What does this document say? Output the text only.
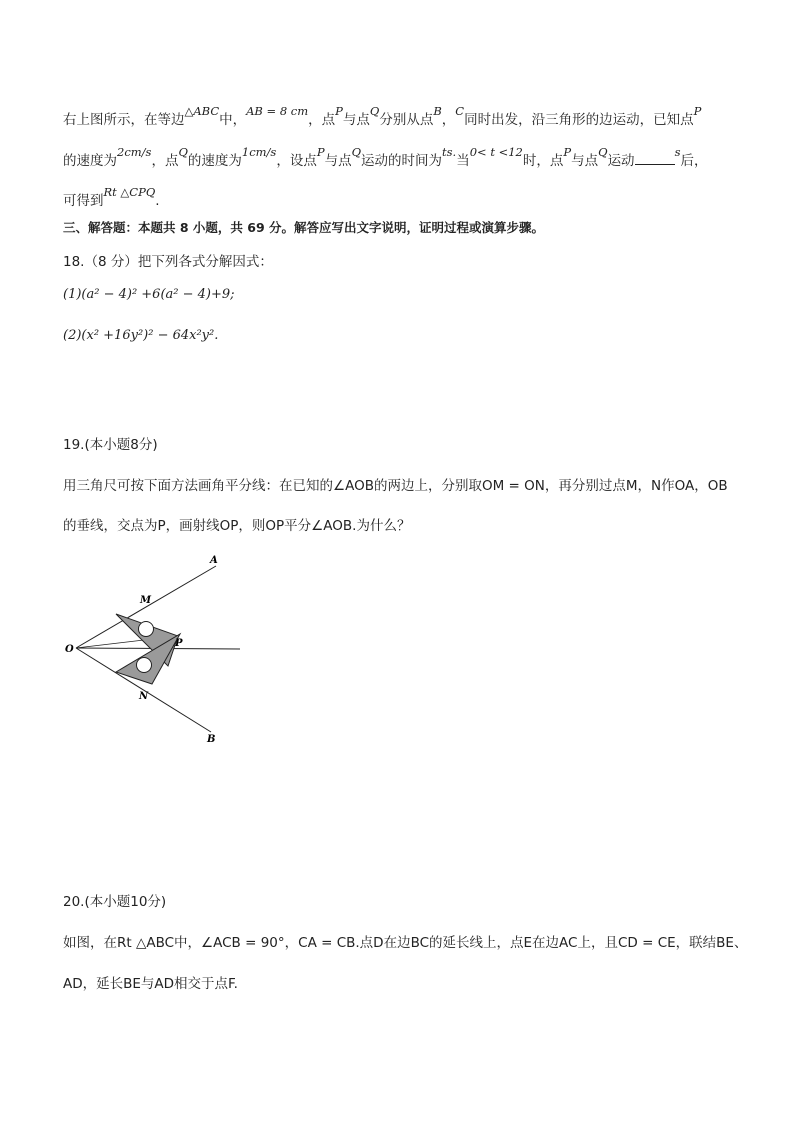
右上图所示，在等边△ABC中，AB = 8 cm，点P与点Q分别从点B，C同时出发，沿三角形的边运动，已知点P
的速度为2cm/s，点Q的速度为1cm/s，设点P与点Q运动的时间为ts.当0< t <12时，点P与点Q运动s后，
可得到Rt △CPQ.
三、解答题：本题共 8 小题，共 69 分。解答应写出文字说明，证明过程或演算步骤。
18.（8 分）把下列各式分解因式：
(1)(a² − 4)² +6(a² − 4)+9;
(2)(x² +16y²)² − 64x²y².
19.(本小题8分)
用三角尺可按下面方法画角平分线：在已知的∠AOB的两边上，分别取OM = ON，再分别过点M，N作OA，OB
的垂线，交点为P，画射线OP，则OP平分∠AOB.为什么？
A
M
P
O
N
B
20.(本小题10分)
如图，在Rt △ABC中，∠ACB = 90°，CA = CB.点D在边BC的延长线上，点E在边AC上，且CD = CE，联结BE、
AD，延长BE与AD相交于点F.
